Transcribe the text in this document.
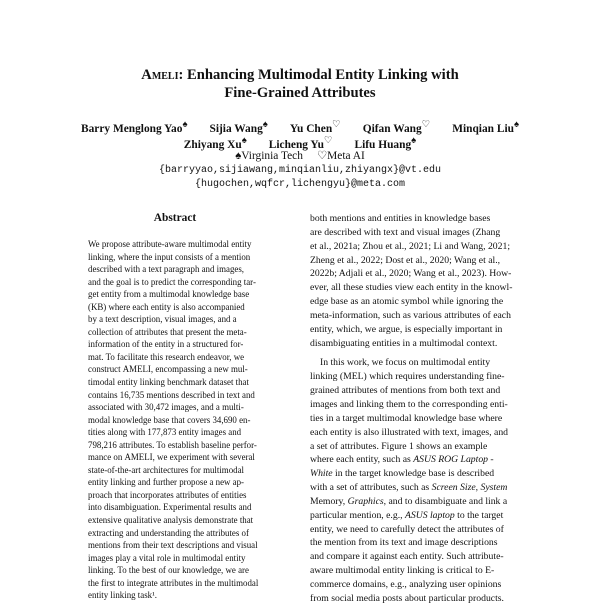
Ameli: Enhancing Multimodal Entity Linking with
Fine-Grained Attributes
Barry Menglong Yao♠ Sijia Wang♠ Yu Chen♡ Qifan Wang♡ Minqian Liu♠
Zhiyang Xu♠ Licheng Yu♡ Lifu Huang♠
♠Virginia Tech ♡Meta AI
{barryyao,sijiawang,minqianliu,zhiyangx}@vt.edu
{hugochen,wqfcr,lichengyu}@meta.com
Abstract
We propose attribute-aware multimodal entity
linking, where the input consists of a mention
described with a text paragraph and images,
and the goal is to predict the corresponding tar-
get entity from a multimodal knowledge base
(KB) where each entity is also accompanied
by a text description, visual images, and a
collection of attributes that present the meta-
information of the entity in a structured for-
mat. To facilitate this research endeavor, we
construct AMELI, encompassing a new mul-
timodal entity linking benchmark dataset that
contains 16,735 mentions described in text and
associated with 30,472 images, and a multi-
modal knowledge base that covers 34,690 en-
tities along with 177,873 entity images and
798,216 attributes. To establish baseline perfor-
mance on AMELI, we experiment with several
state-of-the-art architectures for multimodal
entity linking and further propose a new ap-
proach that incorporates attributes of entities
into disambiguation. Experimental results and
extensive qualitative analysis demonstrate that
extracting and understanding the attributes of
mentions from their text descriptions and visual
images play a vital role in multimodal entity
linking. To the best of our knowledge, we are
the first to integrate attributes in the multimodal
entity linking task¹.
both mentions and entities in knowledge bases
are described with text and visual images (Zhang
et al., 2021a; Zhou et al., 2021; Li and Wang, 2021;
Zheng et al., 2022; Dost et al., 2020; Wang et al.,
2022b; Adjali et al., 2020; Wang et al., 2023). How-
ever, all these studies view each entity in the knowl-
edge base as an atomic symbol while ignoring the
meta-information, such as various attributes of each
entity, which, we argue, is especially important in
disambiguating entities in a multimodal context.
In this work, we focus on multimodal entity
linking (MEL) which requires understanding fine-
grained attributes of mentions from both text and
images and linking them to the corresponding enti-
ties in a target multimodal knowledge base where
each entity is also illustrated with text, images, and
a set of attributes. Figure 1 shows an example
where each entity, such as ASUS ROG Laptop -
White in the target knowledge base is described
with a set of attributes, such as Screen Size, System
Memory, Graphics, and to disambiguate and link a
particular mention, e.g., ASUS laptop to the target
entity, we need to carefully detect the attributes of
the mention from its text and image descriptions
and compare it against each entity. Such attribute-
aware multimodal entity linking is critical to E-
commerce domains, e.g., analyzing user opinions
from social media posts about particular products.
